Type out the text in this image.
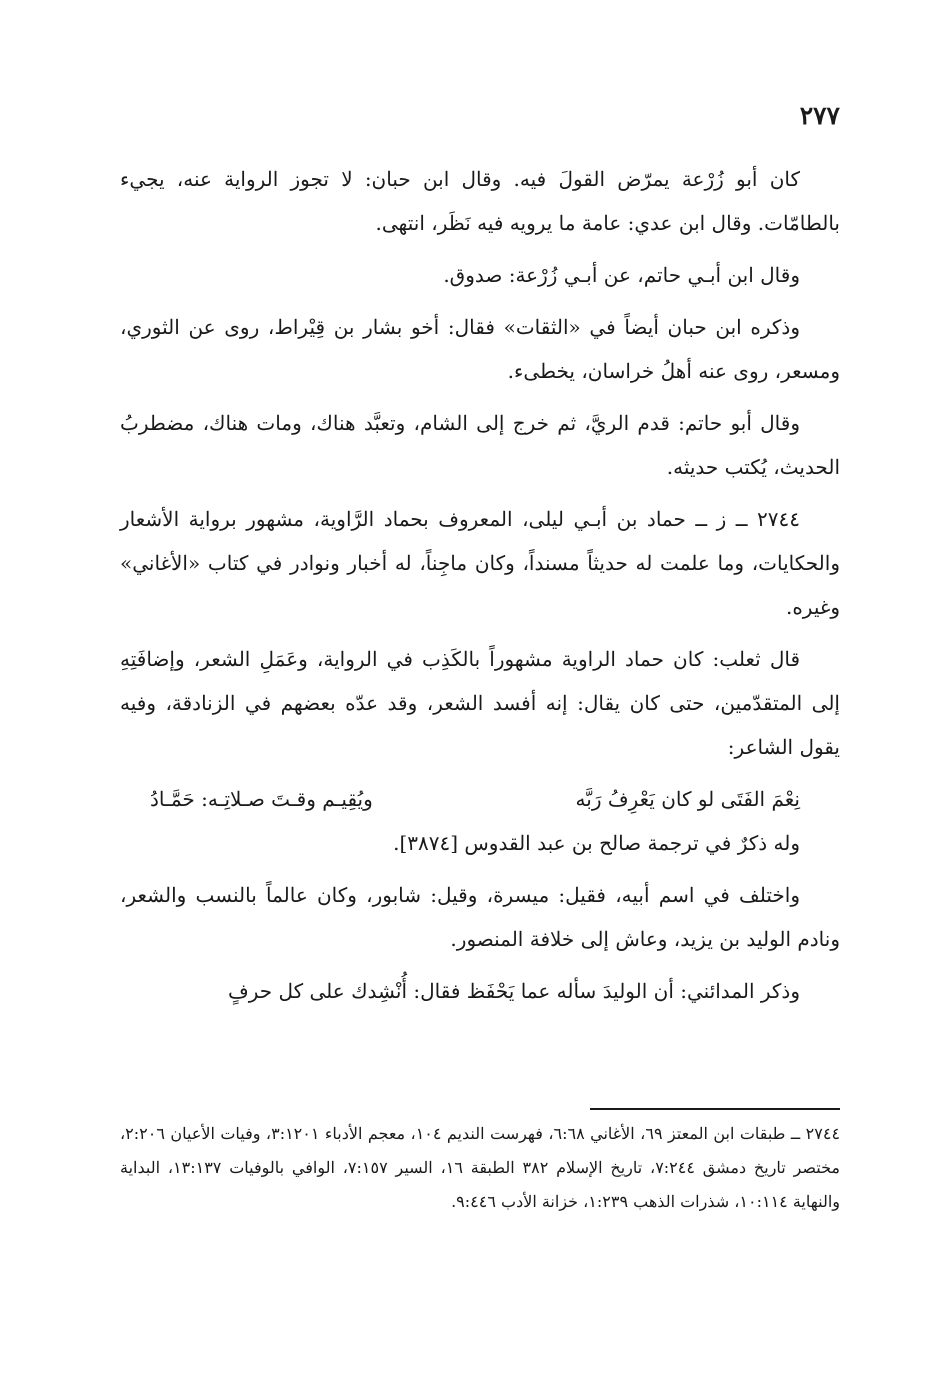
٢٧٧

كان أبو زُرْعة يمرّض القولَ فيه. وقال ابن حبان: لا تجوز الرواية عنه، يجيء بالطامّات. وقال ابن عدي: عامة ما يرويه فيه نَظَر، انتهى.

وقال ابن أبـي حاتم، عن أبـي زُرْعة: صدوق.

وذكره ابن حبان أيضاً في «الثقات» فقال: أخو بشار بن قِيْراط، روى عن الثوري، ومسعر، روى عنه أهلُ خراسان، يخطىء.

وقال أبو حاتم: قدم الريَّ، ثم خرج إلى الشام، وتعبَّد هناك، ومات هناك، مضطربُ الحديث، يُكتب حديثه.

٢٧٤٤ ــ ز ــ حماد بن أبـي ليلى، المعروف بحماد الرَّاوية، مشهور برواية الأشعار والحكايات، وما علمت له حديثاً مسنداً، وكان ماجِناً، له أخبار ونوادر في كتاب «الأغاني» وغيره.

قال ثعلب: كان حماد الراوية مشهوراً بالكَذِب في الرواية، وعَمَلِ الشعر، وإضافَتِهِ إلى المتقدّمين، حتى كان يقال: إنه أفسد الشعر، وقد عدّه بعضهم في الزنادقة، وفيه يقول الشاعر:

نِعْمَ الفَتَى لو كان يَعْرِفُ رَبَّه
ويُقِيـم وقـتَ صـلاتِـه: حَمَّـادُ

وله ذكرٌ في ترجمة صالح بن عبد القدوس [٣٨٧٤].

واختلف في اسم أبيه، فقيل: ميسرة، وقيل: شابور، وكان عالماً بالنسب والشعر، ونادم الوليد بن يزيد، وعاش إلى خلافة المنصور.

وذكر المدائني: أن الوليدَ سأله عما يَحْفَظ فقال: أُنْشِدك على كل حرفٍ

٢٧٤٤ ــ طبقات ابن المعتز ٦٩، الأغاني ٦:٦٨، فهرست النديم ١٠٤، معجم الأدباء ٣:١٢٠١، وفيات الأعيان ٢:٢٠٦، مختصر تاريخ دمشق ٧:٢٤٤، تاريخ الإسلام ٣٨٢ الطبقة ١٦، السير ٧:١٥٧، الوافي بالوفيات ١٣:١٣٧، البداية والنهاية ١٠:١١٤، شذرات الذهب ١:٢٣٩، خزانة الأدب ٩:٤٤٦.
